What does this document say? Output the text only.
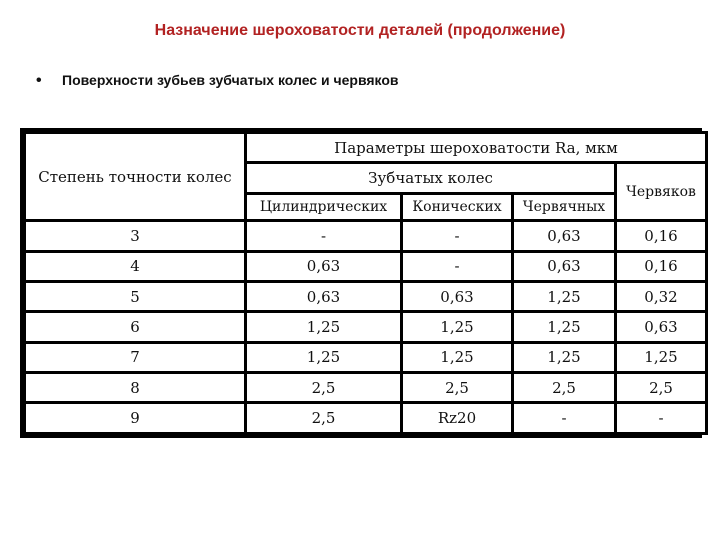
Назначение шероховатости деталей (продолжение)
• Поверхности зубьев зубчатых колес и червяков
Степень точности колес	Параметры шероховатости Ra, мкм			
	Зубчатых колес			Червяков
	Цилиндрических	Конических	Червячных	
3	-	-	0,63	0,16
4	0,63	-	0,63	0,16
5	0,63	0,63	1,25	0,32
6	1,25	1,25	1,25	0,63
7	1,25	1,25	1,25	1,25
8	2,5	2,5	2,5	2,5
9	2,5	Rz20	-	-
